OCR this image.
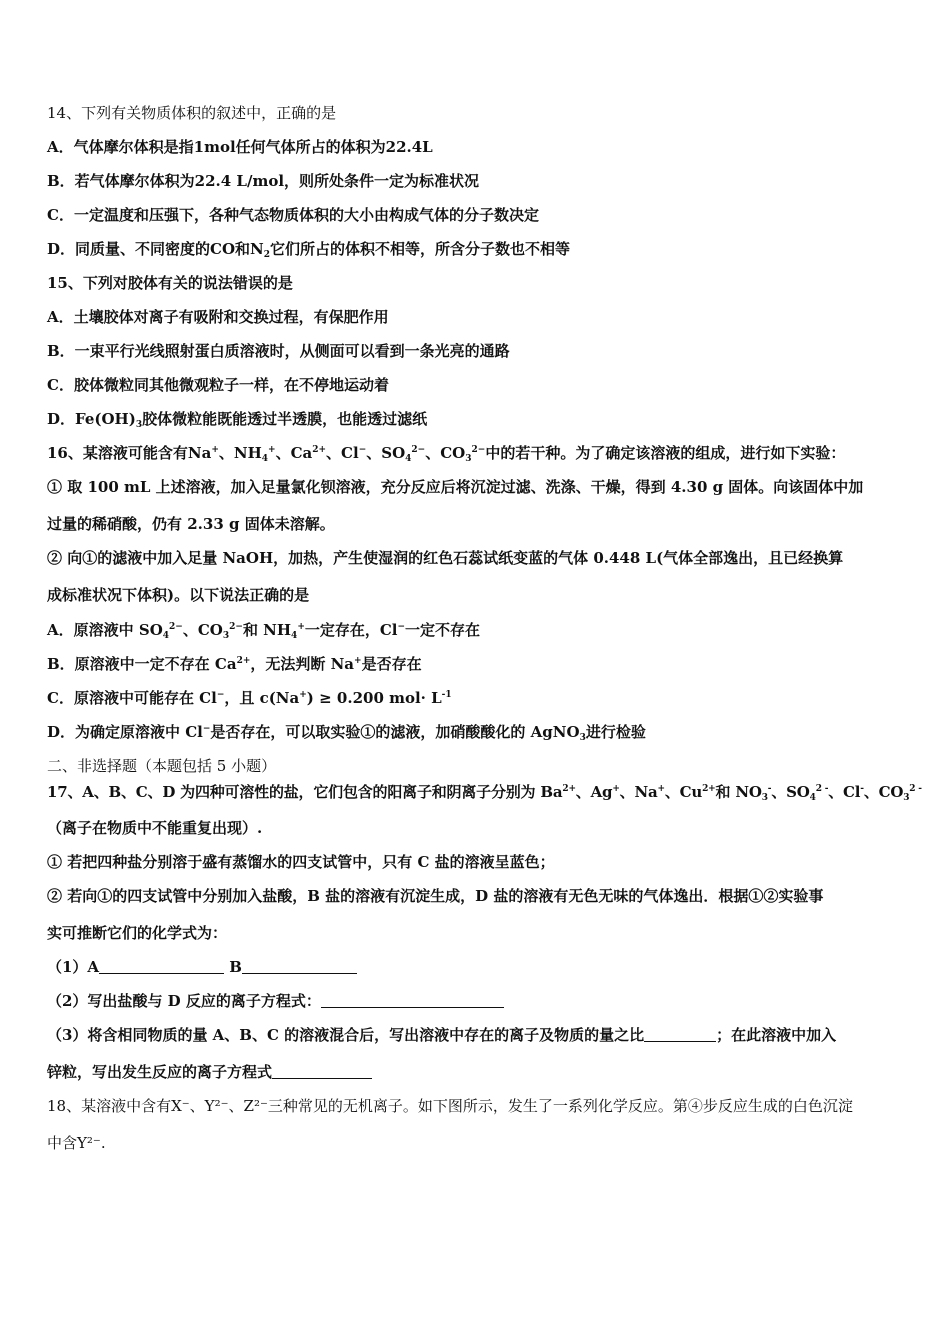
14、下列有关物质体积的叙述中，正确的是
A．气体摩尔体积是指1mol任何气体所占的体积为22.4L
B．若气体摩尔体积为22.4 L/mol，则所处条件一定为标准状况
C．一定温度和压强下，各种气态物质体积的大小由构成气体的分子数决定
D．同质量、不同密度的CO和$N_2$它们所占的体积不相等，所含分子数也不相等
15、下列对胶体有关的说法错误的是
A．土壤胶体对离子有吸附和交换过程，有保肥作用
B．一束平行光线照射蛋白质溶液时，从侧面可以看到一条光亮的通路
C．胶体微粒同其他微观粒子一样，在不停地运动着
D．$Fe(OH)_3$胶体微粒能既能透过半透膜，也能透过滤纸
16、某溶液可能含有Na+、$NH_4^+$、$Ca^{2+}$、Cl−、$SO_4^{2-}$、$CO_3^{2-}$中的若干种。为了确定该溶液的组成，进行如下实验：
① 取 100 mL 上述溶液，加入足量氯化钡溶液，充分反应后将沉淀过滤、洗涤、干燥，得到 4.30 g 固体。向该固体中加
过量的稀硝酸，仍有 2.33 g 固体未溶解。
② 向①的滤液中加入足量 NaOH，加热，产生使湿润的红色石蕊试纸变蓝的气体 0.448 L(气体全部逸出，且已经换算
成标准状况下体积)。以下说法正确的是
A．原溶液中 $SO_4^{2-}$、$CO_3^{2-}$和 $NH_4^+$一定存在，Cl−一定不存在
B．原溶液中一定不存在 $Ca^{2+}$，无法判断 Na+是否存在
C．原溶液中可能存在 Cl−，且 c(Na+) ≥ 0.200 $mol\cdot L^{-1}$
D．为确定原溶液中 Cl−是否存在，可以取实验①的滤液，加硝酸酸化的 AgNO$_3$进行检验
二、非选择题（本题包括 5 小题）
17、A、B、C、D 为四种可溶性的盐，它们包含的阳离子和阴离子分别为 $Ba^{2+}$、Ag+、Na+、$Cu^{2+}$和 $NO_3^-$、$SO_4^{2 -}$、Cl-、$CO_3^{2 -}$
（离子在物质中不能重复出现）.
① 若把四种盐分别溶于盛有蒸馏水的四支试管中，只有 C 盐的溶液呈蓝色；
② 若向①的四支试管中分别加入盐酸，B 盐的溶液有沉淀生成，D 盐的溶液有无色无味的气体逸出．根据①②实验事
实可推断它们的化学式为：
（1）A	B
（2）写出盐酸与 D 反应的离子方程式：
（3）将含相同物质的量 A、B、C 的溶液混合后，写出溶液中存在的离子及物质的量之比	；在此溶液中加入
锌粒，写出发生反应的离子方程式
18、某溶液中含有X⁻、Y²⁻、Z²⁻三种常见的无机离子。如下图所示，发生了一系列化学反应。第④步反应生成的白色沉淀
中含Y²⁻.
